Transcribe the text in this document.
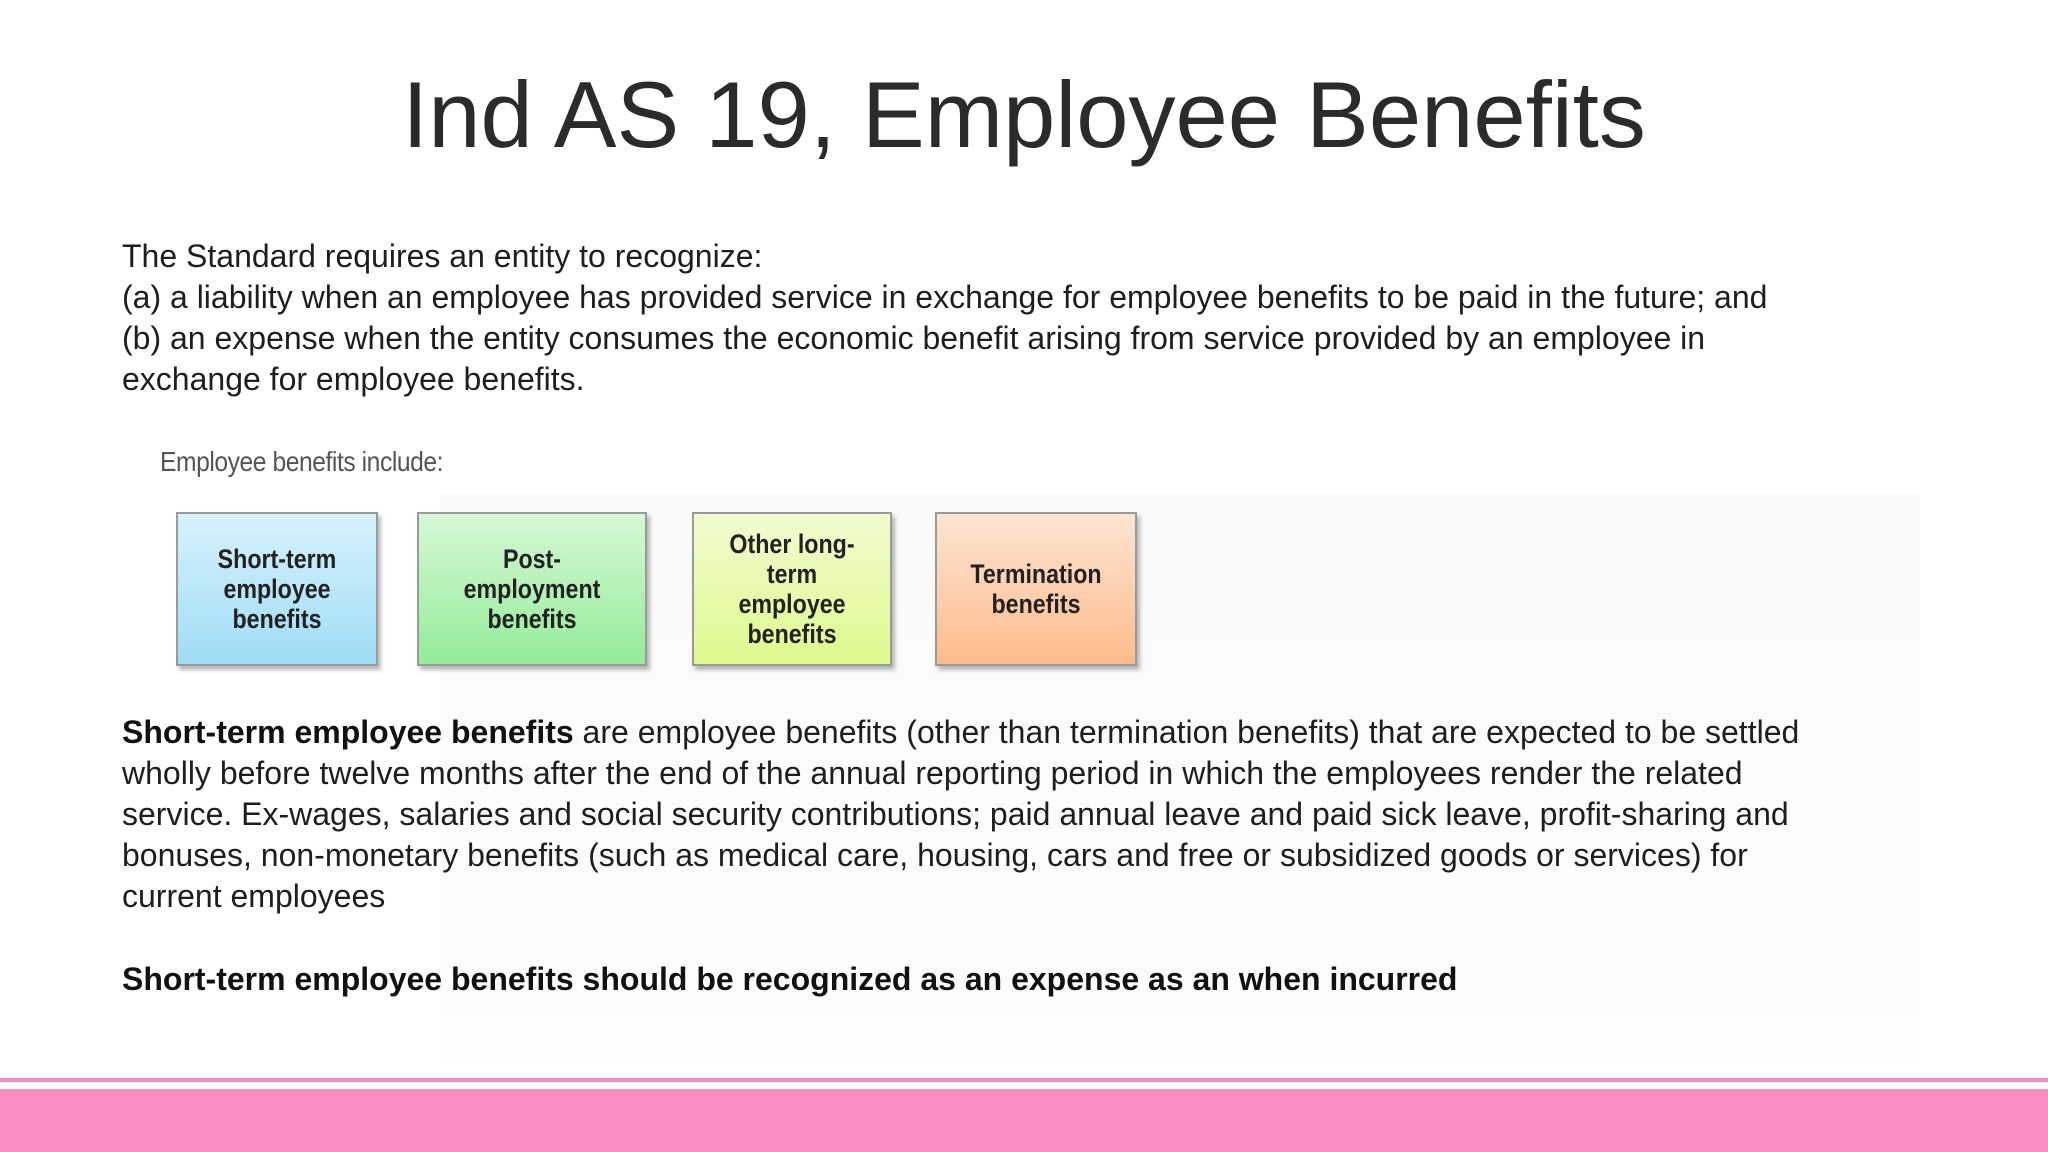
Ind AS 19, Employee Benefits
The Standard requires an entity to recognize:
(a) a liability when an employee has provided service in exchange for employee benefits to be paid in the future; and
(b) an expense when the entity consumes the economic benefit arising from service provided by an employee in
exchange for employee benefits.
Employee benefits include:
Short-term employee benefits
Post-employment benefits
Other long-term employee benefits
Termination benefits
Short-term employee benefits are employee benefits (other than termination benefits) that are expected to be settled
wholly before twelve months after the end of the annual reporting period in which the employees render the related
service. Ex-wages, salaries and social security contributions; paid annual leave and paid sick leave, profit-sharing and
bonuses, non-monetary benefits (such as medical care, housing, cars and free or subsidized goods or services) for
current employees
Short-term employee benefits should be recognized as an expense as an when incurred
